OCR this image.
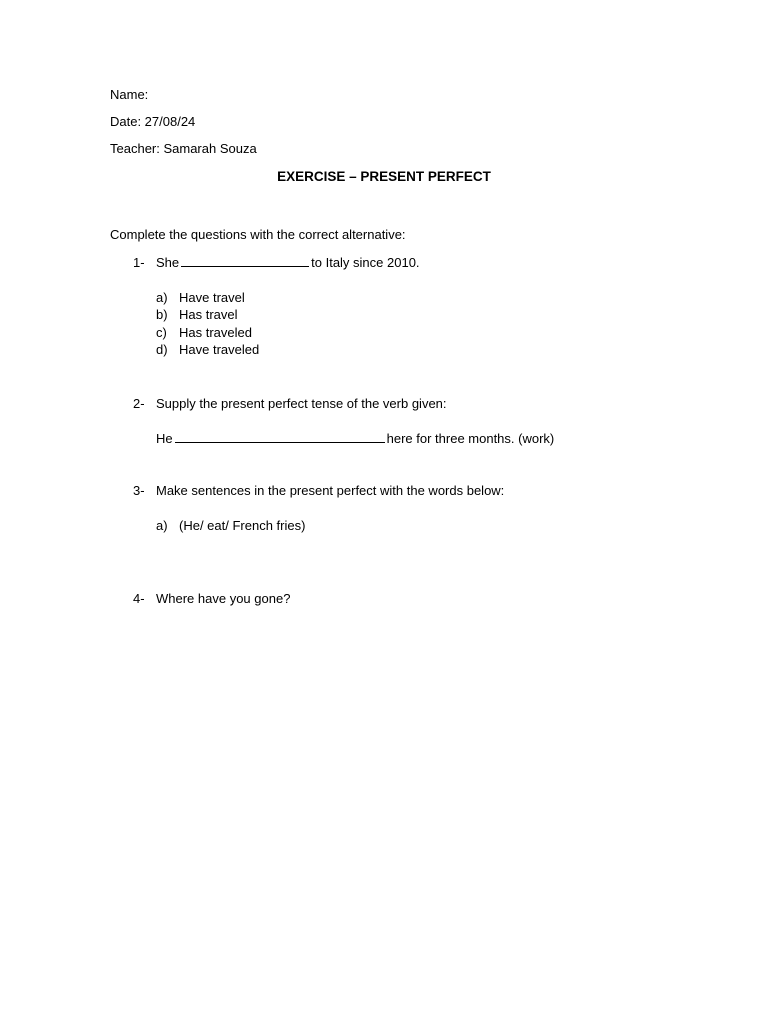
Name:
Date: 27/08/24
Teacher: Samarah Souza
EXERCISE – PRESENT PERFECT
Complete the questions with the correct alternative:
1- She	to Italy since 2010.
a) Have travel
b) Has travel
c) Has traveled
d) Have traveled
2- Supply the present perfect tense of the verb given:
He	here for three months. (work)
3- Make sentences in the present perfect with the words below:
a) (He/ eat/ French fries)
4- Where have you gone?
